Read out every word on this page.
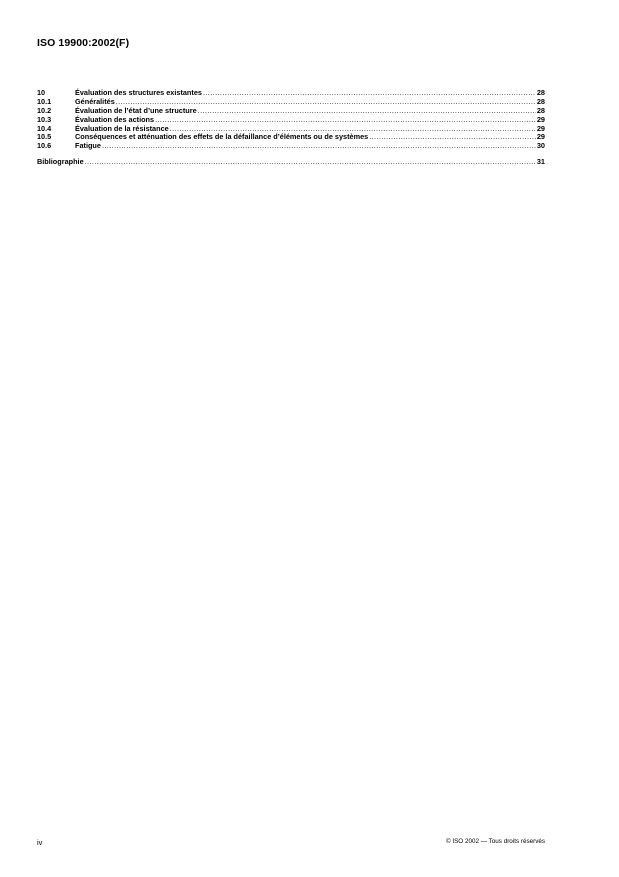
ISO 19900:2002(F)
10	Évaluation des structures existantes .....	28
10.1	Généralités .....	28
10.2	Évaluation de l’état d’une structure .....	28
10.3	Évaluation des actions .....	29
10.4	Évaluation de la résistance .....	29
10.5	Conséquences et atténuation des effets de la défaillance d’éléments ou de systèmes .....	29
10.6	Fatigue .....	30
Bibliographie .....	31
iv	© ISO 2002 — Tous droits réservés
